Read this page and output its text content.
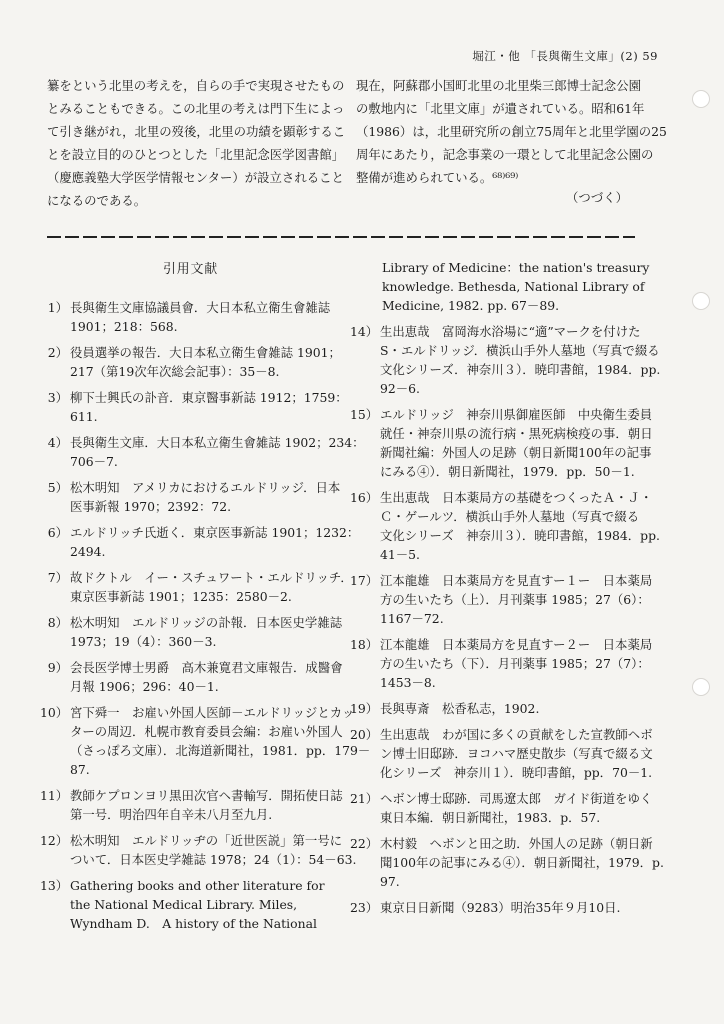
堀江・他 「長與衛生文庫」(2) 59
纂をという北里の考えを，自らの手で実現させたもの
とみることもできる。この北里の考えは門下生によっ
て引き継がれ，北里の歿後，北里の功績を顕彰するこ
とを設立目的のひとつとした「北里記念医学図書館」
（慶應義塾大学医学情報センター）が設立されること
になるのである。
現在，阿蘇郡小国町北里の北里柴三郎博士記念公園
の敷地内に「北里文庫」が遺されている。昭和61年
（1986）は，北里研究所の創立75周年と北里学園の25
周年にあたり，記念事業の一環として北里記念公園の
整備が進められている。⁶⁸⁾⁶⁹⁾
（つづく）
引用文献
1） 長與衛生文庫協議員會．大日本私立衛生會雑誌
1901；218：568.
2） 役員選挙の報告．大日本私立衛生會雑誌 1901；
217（第19次年次総会記事）：35－8.
3） 柳下士興氏の訃音．東京醫事新誌 1912；1759：
611.
4） 長與衛生文庫．大日本私立衛生會雑誌 1902；234：
706－7.
5） 松木明知　アメリカにおけるエルドリッジ．日本
医事新報 1970；2392：72.
6） エルドリッチ氏逝く．東京医事新誌 1901；1232：
2494.
7） 故ドクトル　イー・スチュワート・エルドリッチ．
東京医事新誌 1901；1235：2580－2.
8） 松木明知　エルドリッジの訃報．日本医史学雑誌
1973；19（4）：360－3.
9） 会長医学博士男爵　高木兼寛君文庫報告．成醫會
月報 1906；296：40－1.
10） 宮下舜一　お雇い外国人医師－エルドリッジとカッ
ターの周辺．札幌市教育委員会編：お雇い外国人
（さっぽろ文庫）．北海道新聞社，1981．pp．179－
87.
11） 教師ケプロンヨリ黒田次官ヘ書輸写．開拓使日誌
第一号．明治四年自辛未八月至九月.
12） 松木明知　エルドリッヂの「近世医説」第一号に
ついて．日本医史学雑誌 1978；24（1）：54－63.
13） Gathering books and other literature for
the National Medical Library. Miles,
Wyndham D.　A history of the National
Library of Medicine：the nation's treasury
knowledge. Bethesda, National Library of
Medicine, 1982. pp. 67－89.
14） 生出恵哉　富岡海水浴場に“適”マークを付けた
S・エルドリッジ．横浜山手外人墓地（写真で綴る
文化シリーズ．神奈川３）．暁印書館，1984．pp.
92－6.
15） エルドリッジ　神奈川県御雇医師　中央衛生委員
就任・神奈川県の流行病・黒死病検疫の事．朝日
新聞社編：外国人の足跡（朝日新聞100年の記事
にみる④）．朝日新聞社，1979．pp．50－1.
16） 生出恵哉　日本薬局方の基礎をつくったＡ・Ｊ・
Ｃ・ゲールツ．横浜山手外人墓地（写真で綴る
文化シリーズ　神奈川３）．暁印書館，1984．pp.
41－5.
17） 江本龍雄　日本薬局方を見直すー１ー　日本薬局
方の生いたち（上）．月刊薬事 1985；27（6）：
1167－72.
18） 江本龍雄　日本薬局方を見直すー２ー　日本薬局
方の生いたち（下）．月刊薬事 1985；27（7）：
1453－8.
19） 長與専斎　松香私志，1902.
20） 生出恵哉　わが国に多くの貢献をした宣教師ヘボ
ン博士旧邸跡．ヨコハマ歴史散歩（写真で綴る文
化シリーズ　神奈川１）．暁印書館，pp．70－1.
21） ヘボン博士邸跡．司馬遼太郎　ガイド街道をゆく
東日本編．朝日新聞社，1983．p．57.
22） 木村毅　ヘボンと田之助．外国人の足跡（朝日新
聞100年の記事にみる④）．朝日新聞社，1979．p.
97.
23） 東京日日新聞（9283）明治35年９月10日.
